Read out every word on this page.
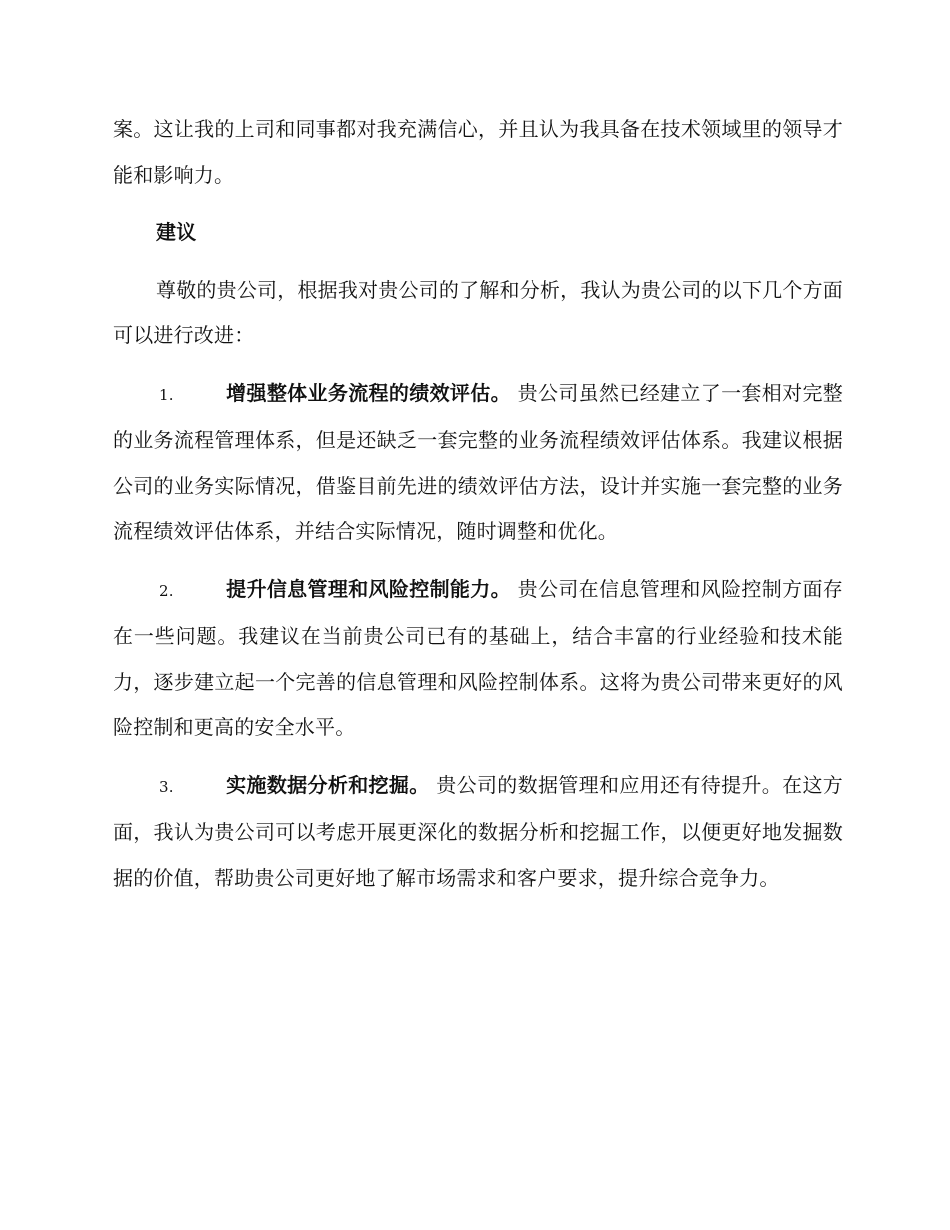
案。这让我的上司和同事都对我充满信心，并且认为我具备在技术领域里的领导才能和影响力。

建议

尊敬的贵公司，根据我对贵公司的了解和分析，我认为贵公司的以下几个方面可以进行改进：

1.	增强整体业务流程的绩效评估。 贵公司虽然已经建立了一套相对完整的业务流程管理体系，但是还缺乏一套完整的业务流程绩效评估体系。我建议根据公司的业务实际情况，借鉴目前先进的绩效评估方法，设计并实施一套完整的业务流程绩效评估体系，并结合实际情况，随时调整和优化。

2.	提升信息管理和风险控制能力。 贵公司在信息管理和风险控制方面存在一些问题。我建议在当前贵公司已有的基础上，结合丰富的行业经验和技术能力，逐步建立起一个完善的信息管理和风险控制体系。这将为贵公司带来更好的风险控制和更高的安全水平。

3.	实施数据分析和挖掘。 贵公司的数据管理和应用还有待提升。在这方面，我认为贵公司可以考虑开展更深化的数据分析和挖掘工作，以便更好地发掘数据的价值，帮助贵公司更好地了解市场需求和客户要求，提升综合竞争力。
